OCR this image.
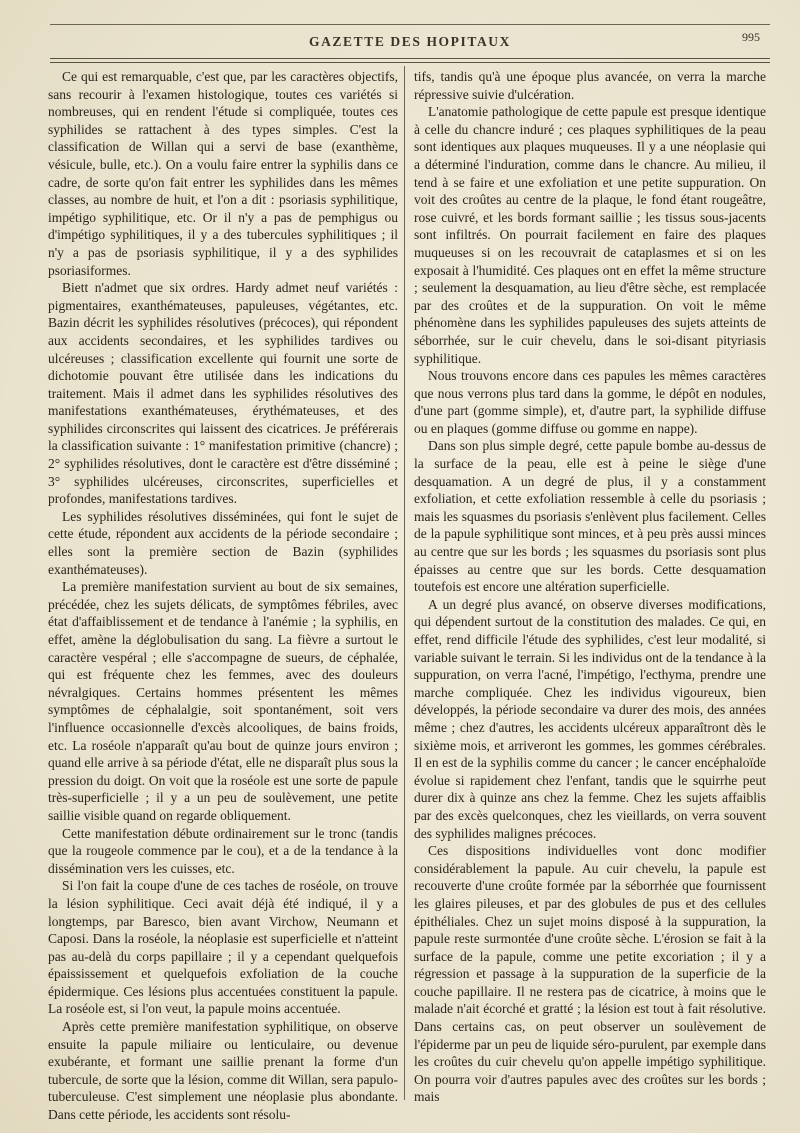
GAZETTE DES HOPITAUX	995

Ce qui est remarquable, c'est que, par les caractères objectifs, sans recourir à l'examen histologique, toutes ces variétés si nombreuses, qui en rendent l'étude si compliquée, toutes ces syphilides se rattachent à des types simples. C'est la classification de Willan qui a servi de base (exanthème, vésicule, bulle, etc.). On a voulu faire entrer la syphilis dans ce cadre, de sorte qu'on fait entrer les syphilides dans les mêmes classes, au nombre de huit, et l'on a dit : psoriasis syphilitique, impétigo syphilitique, etc. Or il n'y a pas de pemphigus ou d'impétigo syphilitiques, il y a des tubercules syphilitiques ; il n'y a pas de psoriasis syphilitique, il y a des syphilides psoriasiformes.

Biett n'admet que six ordres. Hardy admet neuf variétés : pigmentaires, exanthémateuses, papuleuses, végétantes, etc. Bazin décrit les syphilides résolutives (précoces), qui répondent aux accidents secondaires, et les syphilides tardives ou ulcéreuses ; classification excellente qui fournit une sorte de dichotomie pouvant être utilisée dans les indications du traitement. Mais il admet dans les syphilides résolutives des manifestations exanthémateuses, érythémateuses, et des syphilides circonscrites qui laissent des cicatrices. Je préférerais la classification suivante : 1° manifestation primitive (chancre) ; 2° syphilides résolutives, dont le caractère est d'être disséminé ; 3° syphilides ulcéreuses, circonscrites, superficielles et profondes, manifestations tardives.

Les syphilides résolutives disséminées, qui font le sujet de cette étude, répondent aux accidents de la période secondaire ; elles sont la première section de Bazin (syphilides exanthémateuses).

La première manifestation survient au bout de six semaines, précédée, chez les sujets délicats, de symptômes fébriles, avec état d'affaiblissement et de tendance à l'anémie ; la syphilis, en effet, amène la déglobulisation du sang. La fièvre a surtout le caractère vespéral ; elle s'accompagne de sueurs, de céphalée, qui est fréquente chez les femmes, avec des douleurs névralgiques. Certains hommes présentent les mêmes symptômes de céphalalgie, soit spontanément, soit vers l'influence occasionnelle d'excès alcooliques, de bains froids, etc. La roséole n'apparaît qu'au bout de quinze jours environ ; quand elle arrive à sa période d'état, elle ne disparaît plus sous la pression du doigt. On voit que la roséole est une sorte de papule très-superficielle ; il y a un peu de soulèvement, une petite saillie visible quand on regarde obliquement.

Cette manifestation débute ordinairement sur le tronc (tandis que la rougeole commence par le cou), et a de la tendance à la dissémination vers les cuisses, etc.

Si l'on fait la coupe d'une de ces taches de roséole, on trouve la lésion syphilitique. Ceci avait déjà été indiqué, il y a longtemps, par Baresco, bien avant Virchow, Neumann et Caposi. Dans la roséole, la néoplasie est superficielle et n'atteint pas au-delà du corps papillaire ; il y a cependant quelquefois épaississement et quelquefois exfoliation de la couche épidermique. Ces lésions plus accentuées constituent la papule. La roséole est, si l'on veut, la papule moins accentuée.

Après cette première manifestation syphilitique, on observe ensuite la papule miliaire ou lenticulaire, ou devenue exubérante, et formant une saillie prenant la forme d'un tubercule, de sorte que la lésion, comme dit Willan, sera papulo-tuberculeuse. C'est simplement une néoplasie plus abondante. Dans cette période, les accidents sont résolu-

tifs, tandis qu'à une époque plus avancée, on verra la marche répressive suivie d'ulcération.

L'anatomie pathologique de cette papule est presque identique à celle du chancre induré ; ces plaques syphilitiques de la peau sont identiques aux plaques muqueuses. Il y a une néoplasie qui a déterminé l'induration, comme dans le chancre. Au milieu, il tend à se faire et une exfoliation et une petite suppuration. On voit des croûtes au centre de la plaque, le fond étant rougeâtre, rose cuivré, et les bords formant saillie ; les tissus sous-jacents sont infiltrés. On pourrait facilement en faire des plaques muqueuses si on les recouvrait de cataplasmes et si on les exposait à l'humidité. Ces plaques ont en effet la même structure ; seulement la desquamation, au lieu d'être sèche, est remplacée par des croûtes et de la suppuration. On voit le même phénomène dans les syphilides papuleuses des sujets atteints de séborrhée, sur le cuir chevelu, dans le soi-disant pityriasis syphilitique.

Nous trouvons encore dans ces papules les mêmes caractères que nous verrons plus tard dans la gomme, le dépôt en nodules, d'une part (gomme simple), et, d'autre part, la syphilide diffuse ou en plaques (gomme diffuse ou gomme en nappe).

Dans son plus simple degré, cette papule bombe au-dessus de la surface de la peau, elle est à peine le siège d'une desquamation. A un degré de plus, il y a constamment exfoliation, et cette exfoliation ressemble à celle du psoriasis ; mais les squasmes du psoriasis s'enlèvent plus facilement. Celles de la papule syphilitique sont minces, et à peu près aussi minces au centre que sur les bords ; les squasmes du psoriasis sont plus épaisses au centre que sur les bords. Cette desquamation toutefois est encore une altération superficielle.

A un degré plus avancé, on observe diverses modifications, qui dépendent surtout de la constitution des malades. Ce qui, en effet, rend difficile l'étude des syphilides, c'est leur modalité, si variable suivant le terrain. Si les individus ont de la tendance à la suppuration, on verra l'acné, l'impétigo, l'ecthyma, prendre une marche compliquée. Chez les individus vigoureux, bien développés, la période secondaire va durer des mois, des années même ; chez d'autres, les accidents ulcéreux apparaîtront dès le sixième mois, et arriveront les gommes, les gommes cérébrales. Il en est de la syphilis comme du cancer ; le cancer encéphaloïde évolue si rapidement chez l'enfant, tandis que le squirrhe peut durer dix à quinze ans chez la femme. Chez les sujets affaiblis par des excès quelconques, chez les vieillards, on verra souvent des syphilides malignes précoces.

Ces dispositions individuelles vont donc modifier considérablement la papule. Au cuir chevelu, la papule est recouverte d'une croûte formée par la séborrhée que fournissent les glaires pileuses, et par des globules de pus et des cellules épithéliales. Chez un sujet moins disposé à la suppuration, la papule reste surmontée d'une croûte sèche. L'érosion se fait à la surface de la papule, comme une petite excoriation ; il y a régression et passage à la suppuration de la superficie de la couche papillaire. Il ne restera pas de cicatrice, à moins que le malade n'ait écorché et gratté ; la lésion est tout à fait résolutive. Dans certains cas, on peut observer un soulèvement de l'épiderme par un peu de liquide séro-purulent, par exemple dans les croûtes du cuir chevelu qu'on appelle impétigo syphilitique. On pourra voir d'autres papules avec des croûtes sur les bords ; mais
